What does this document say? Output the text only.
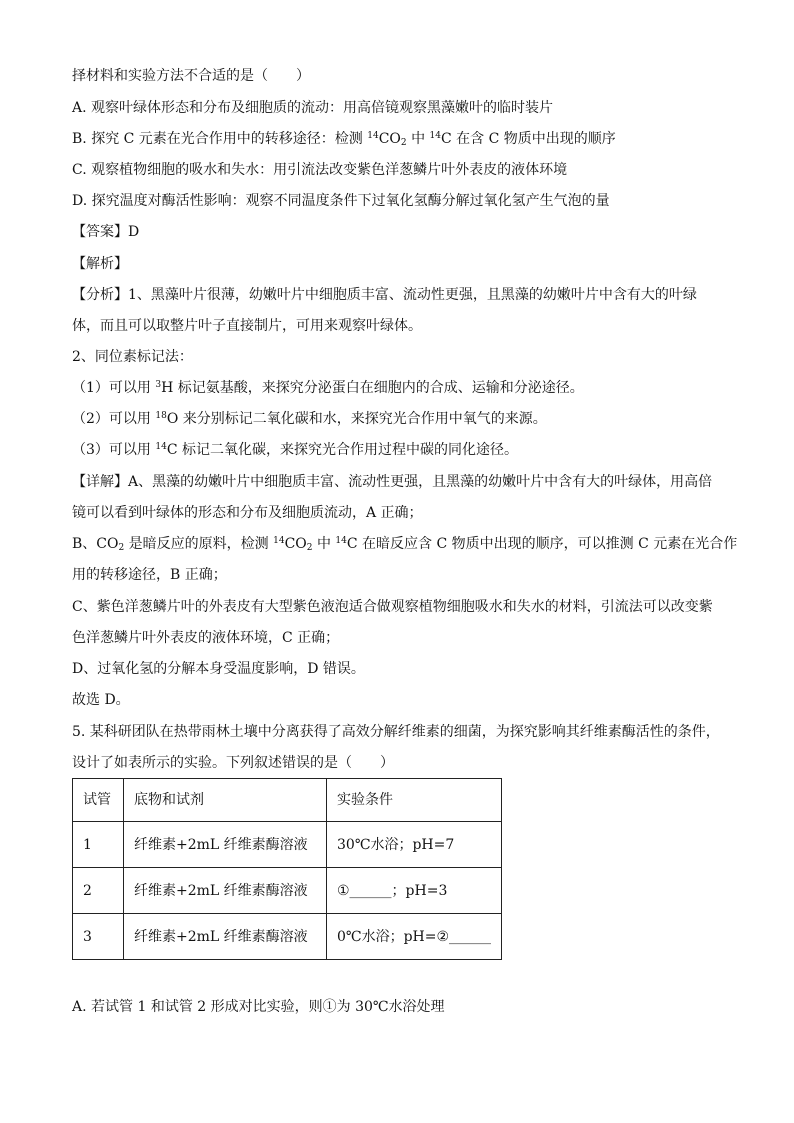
择材料和实验方法不合适的是（　　）
A. 观察叶绿体形态和分布及细胞质的流动：用高倍镜观察黑藻嫩叶的临时装片
B. 探究 C 元素在光合作用中的转移途径：检测 $^{14}CO_2$ 中 $^{14}$C 在含 C 物质中出现的顺序
C. 观察植物细胞的吸水和失水：用引流法改变紫色洋葱鳞片叶外表皮的液体环境
D. 探究温度对酶活性影响：观察不同温度条件下过氧化氢酶分解过氧化氢产生气泡的量
【答案】D
【解析】
【分析】1、黑藻叶片很薄，幼嫩叶片中细胞质丰富、流动性更强，且黑藻的幼嫩叶片中含有大的叶绿
体，而且可以取整片叶子直接制片，可用来观察叶绿体。
2、同位素标记法：
（1）可以用 $^3$H 标记氨基酸，来探究分泌蛋白在细胞内的合成、运输和分泌途径。
（2）可以用 $^{18}$O 来分别标记二氧化碳和水，来探究光合作用中氧气的来源。
（3）可以用 $^{14}$C 标记二氧化碳，来探究光合作用过程中碳的同化途径。
【详解】A、黑藻的幼嫩叶片中细胞质丰富、流动性更强，且黑藻的幼嫩叶片中含有大的叶绿体，用高倍
镜可以看到叶绿体的形态和分布及细胞质流动，A 正确；
B、$CO_2$ 是暗反应的原料，检测 $^{14}CO_2$ 中 $^{14}$C 在暗反应含 C 物质中出现的顺序，可以推测 C 元素在光合作
用的转移途径，B 正确；
C、紫色洋葱鳞片叶的外表皮有大型紫色液泡适合做观察植物细胞吸水和失水的材料，引流法可以改变紫
色洋葱鳞片叶外表皮的液体环境，C 正确；
D、过氧化氢的分解本身受温度影响，D 错误。
故选 D。
5. 某科研团队在热带雨林土壤中分离获得了高效分解纤维素的细菌，为探究影响其纤维素酶活性的条件，
设计了如表所示的实验。下列叙述错误的是（　　）
试管	底物和试剂	实验条件
1	纤维素+2mL 纤维素酶溶液	30℃水浴；pH=7
2	纤维素+2mL 纤维素酶溶液	①______；pH=3
3	纤维素+2mL 纤维素酶溶液	0℃水浴；pH=②______
A. 若试管 1 和试管 2 形成对比实验，则①为 30℃水浴处理
